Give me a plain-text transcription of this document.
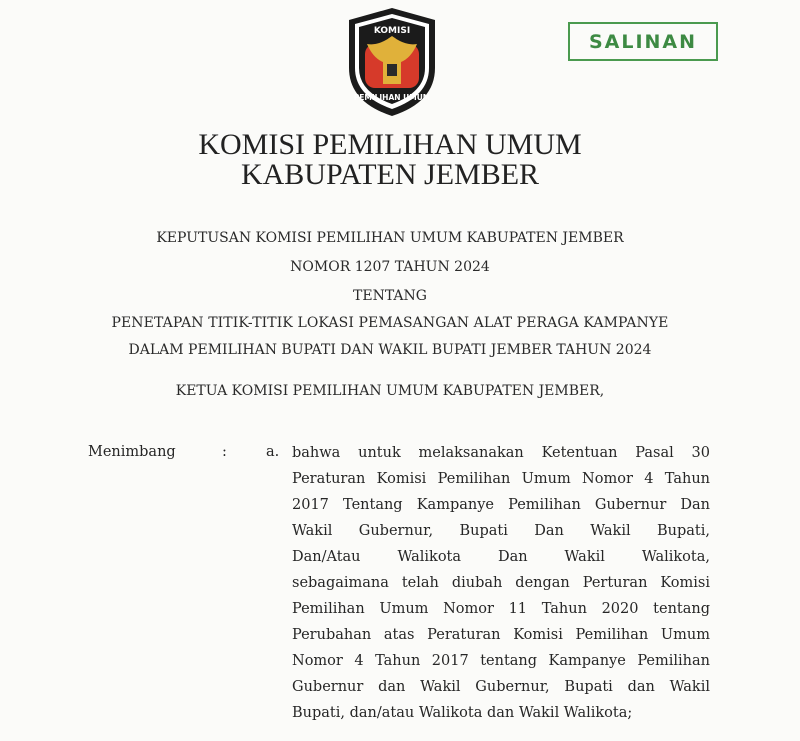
KOMISI
PEMILIHAN UMUM
SALINAN
KOMISI PEMILIHAN UMUM
KABUPATEN JEMBER
KEPUTUSAN KOMISI PEMILIHAN UMUM KABUPATEN JEMBER
NOMOR 1207 TAHUN 2024
TENTANG
PENETAPAN TITIK-TITIK LOKASI PEMASANGAN ALAT PERAGA KAMPANYE
DALAM PEMILIHAN BUPATI DAN WAKIL BUPATI JEMBER TAHUN 2024
KETUA KOMISI PEMILIHAN UMUM KABUPATEN JEMBER,
Menimbang	:	a. bahwa untuk melaksanakan Ketentuan Pasal 30
Peraturan Komisi Pemilihan Umum Nomor 4 Tahun
2017 Tentang Kampanye Pemilihan Gubernur Dan
Wakil Gubernur, Bupati Dan Wakil Bupati,
Dan/Atau Walikota Dan Wakil Walikota,
sebagaimana telah diubah dengan Perturan Komisi
Pemilihan Umum Nomor 11 Tahun 2020 tentang
Perubahan atas Peraturan Komisi Pemilihan Umum
Nomor 4 Tahun 2017 tentang Kampanye Pemilihan
Gubernur dan Wakil Gubernur, Bupati dan Wakil
Bupati, dan/atau Walikota dan Wakil Walikota;
